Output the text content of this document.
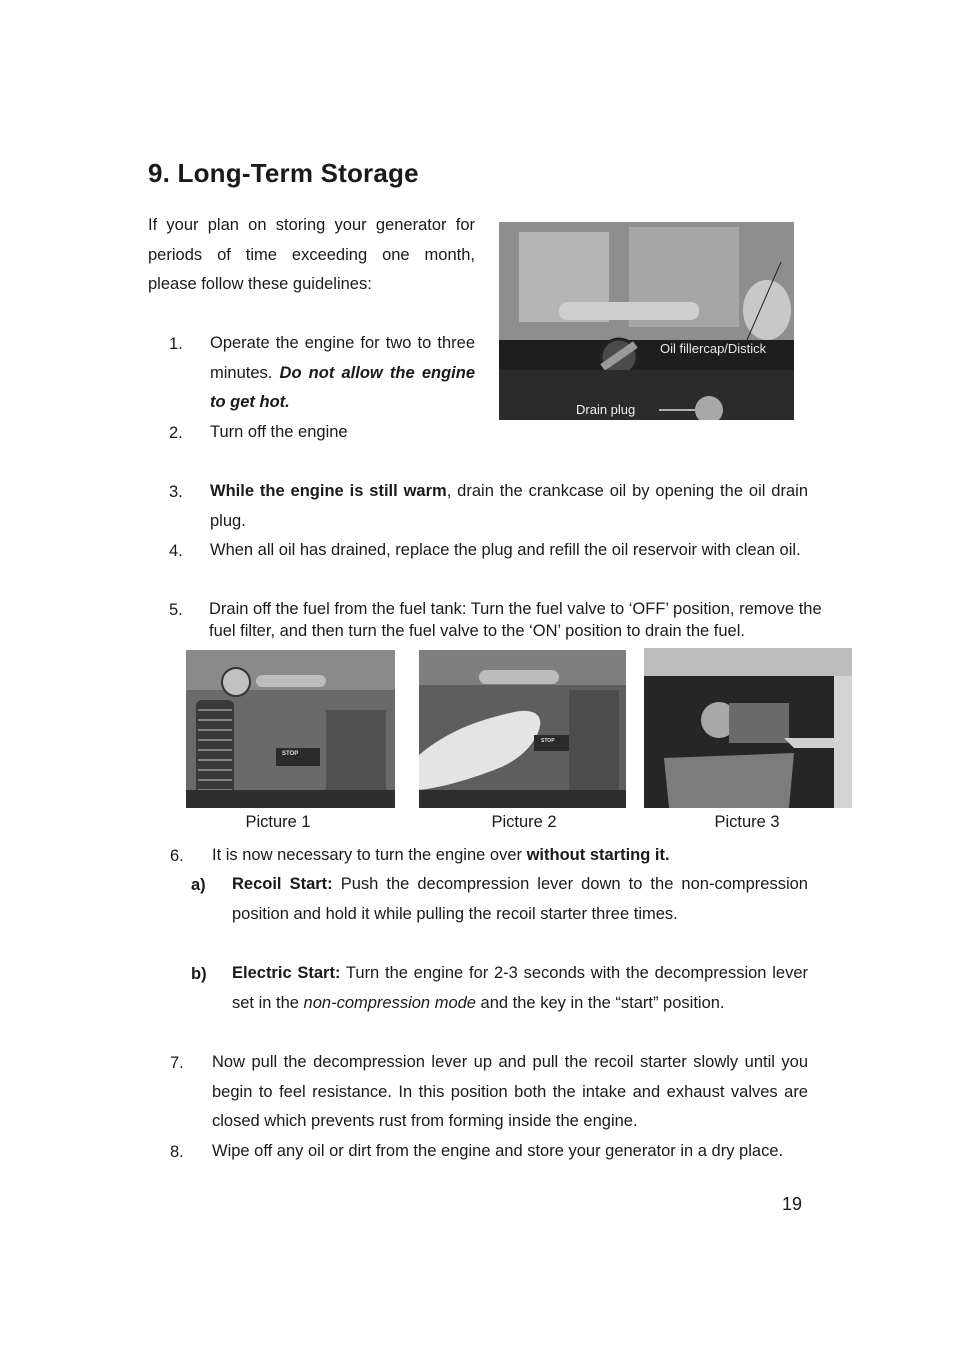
9. Long-Term Storage
If your plan on storing your generator for periods of time exceeding one month, please follow these guidelines:
Oil fillercap/Distick
Drain plug
1. Operate the engine for two to three minutes. Do not allow the engine to get hot.
2. Turn off the engine
3. While the engine is still warm, drain the crankcase oil by opening the oil drain plug.
4. When all oil has drained, replace the plug and refill the oil reservoir with clean oil.
5. Drain off the fuel from the fuel tank: Turn the fuel valve to ‘OFF’ position, remove the fuel filter, and then turn the fuel valve to the ‘ON’ position to drain the fuel.
STOP
STOP
Picture 1	Picture 2	Picture 3
6. It is now necessary to turn the engine over without starting it.
a) Recoil Start: Push the decompression lever down to the non-compression position and hold it while pulling the recoil starter three times.
b) Electric Start: Turn the engine for 2-3 seconds with the decompression lever set in the non-compression mode and the key in the “start” position.
7. Now pull the decompression lever up and pull the recoil starter slowly until you begin to feel resistance. In this position both the intake and exhaust valves are closed which prevents rust from forming inside the engine.
8. Wipe off any oil or dirt from the engine and store your generator in a dry place.
19
